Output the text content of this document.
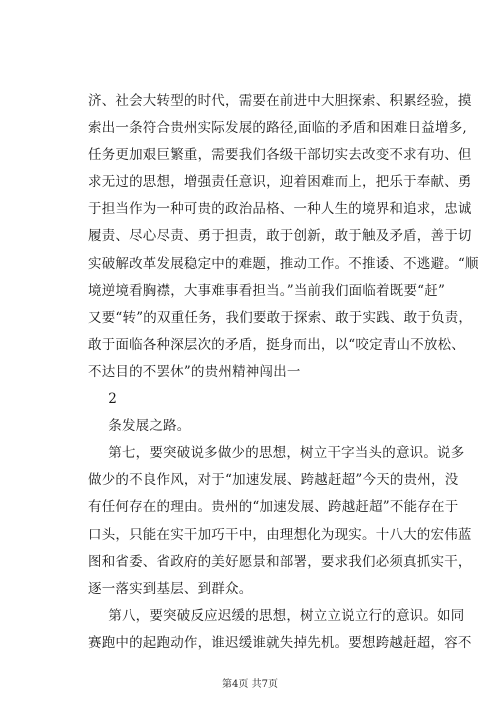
济、社会大转型的时代，需要在前进中大胆探索、积累经验，摸
索出一条符合贵州实际发展的路径,面临的矛盾和困难日益增多,
任务更加艰巨繁重，需要我们各级干部切实去改变不求有功、但
求无过的思想，增强责任意识，迎着困难而上，把乐于奉献、勇
于担当作为一种可贵的政治品格、一种人生的境界和追求，忠诚
履责、尽心尽责、勇于担责，敢于创新，敢于触及矛盾，善于切
实破解改革发展稳定中的难题，推动工作。不推诿、不逃避。“顺
境逆境看胸襟，大事难事看担当。”当前我们面临着既要“赶”
又要“转”的双重任务，我们要敢于探索、敢于实践、敢于负责，
敢于面临各种深层次的矛盾，挺身而出，以“咬定青山不放松、
不达目的不罢休”的贵州精神闯出一
2
条发展之路。
第七，要突破说多做少的思想，树立干字当头的意识。说多
做少的不良作风，对于“加速发展、跨越赶超”今天的贵州，没
有任何存在的理由。贵州的“加速发展、跨越赶超”不能存在于
口头，只能在实干加巧干中，由理想化为现实。十八大的宏伟蓝
图和省委、省政府的美好愿景和部署，要求我们必须真抓实干，
逐一落实到基层、到群众。
第八，要突破反应迟缓的思想，树立立说立行的意识。如同
赛跑中的起跑动作，谁迟缓谁就失掉先机。要想跨越赶超，容不
第4页 共7页
